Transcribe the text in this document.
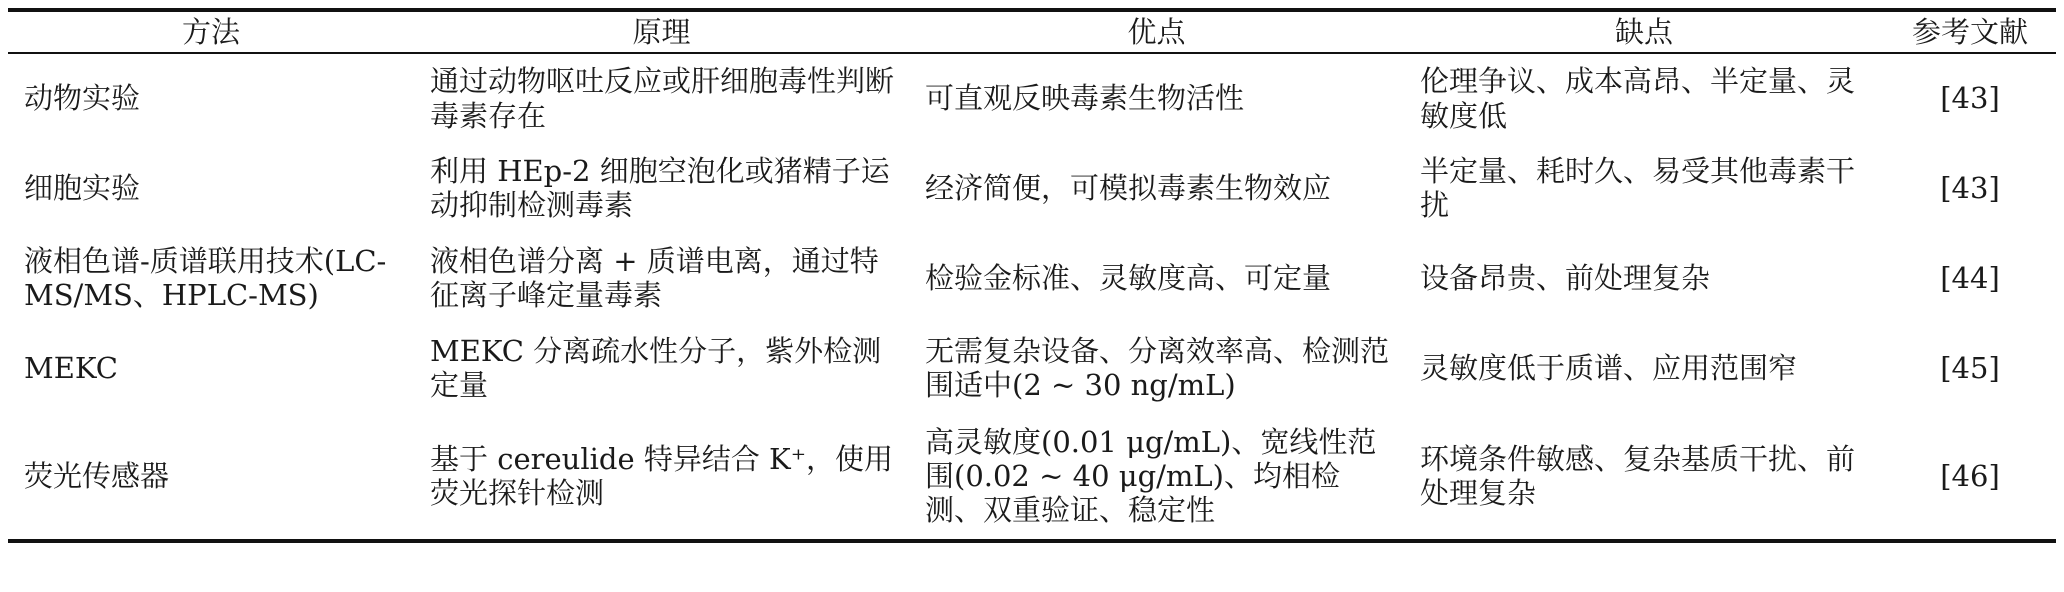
方法	原理	优点	缺点	参考文献
动物实验	通过动物呕吐反应或肝细胞毒性判断毒素存在	可直观反映毒素生物活性	伦理争议、成本高昂、半定量、灵敏度低	[43]
细胞实验	利用 HEp-2 细胞空泡化或猪精子运动抑制检测毒素	经济简便，可模拟毒素生物效应	半定量、耗时久、易受其他毒素干扰	[43]
液相色谱-质谱联用技术(LC-MS/MS、HPLC-MS)	液相色谱分离 + 质谱电离，通过特征离子峰定量毒素	检验金标准、灵敏度高、可定量	设备昂贵、前处理复杂	[44]
MEKC	MEKC 分离疏水性分子，紫外检测定量	无需复杂设备、分离效率高、检测范围适中(2 ~ 30 ng/mL)	灵敏度低于质谱、应用范围窄	[45]
荧光传感器	基于 cereulide 特异结合 K⁺，使用荧光探针检测	高灵敏度(0.01 μg/mL)、宽线性范围(0.02 ~ 40 μg/mL)、均相检测、双重验证、稳定性	环境条件敏感、复杂基质干扰、前处理复杂	[46]
